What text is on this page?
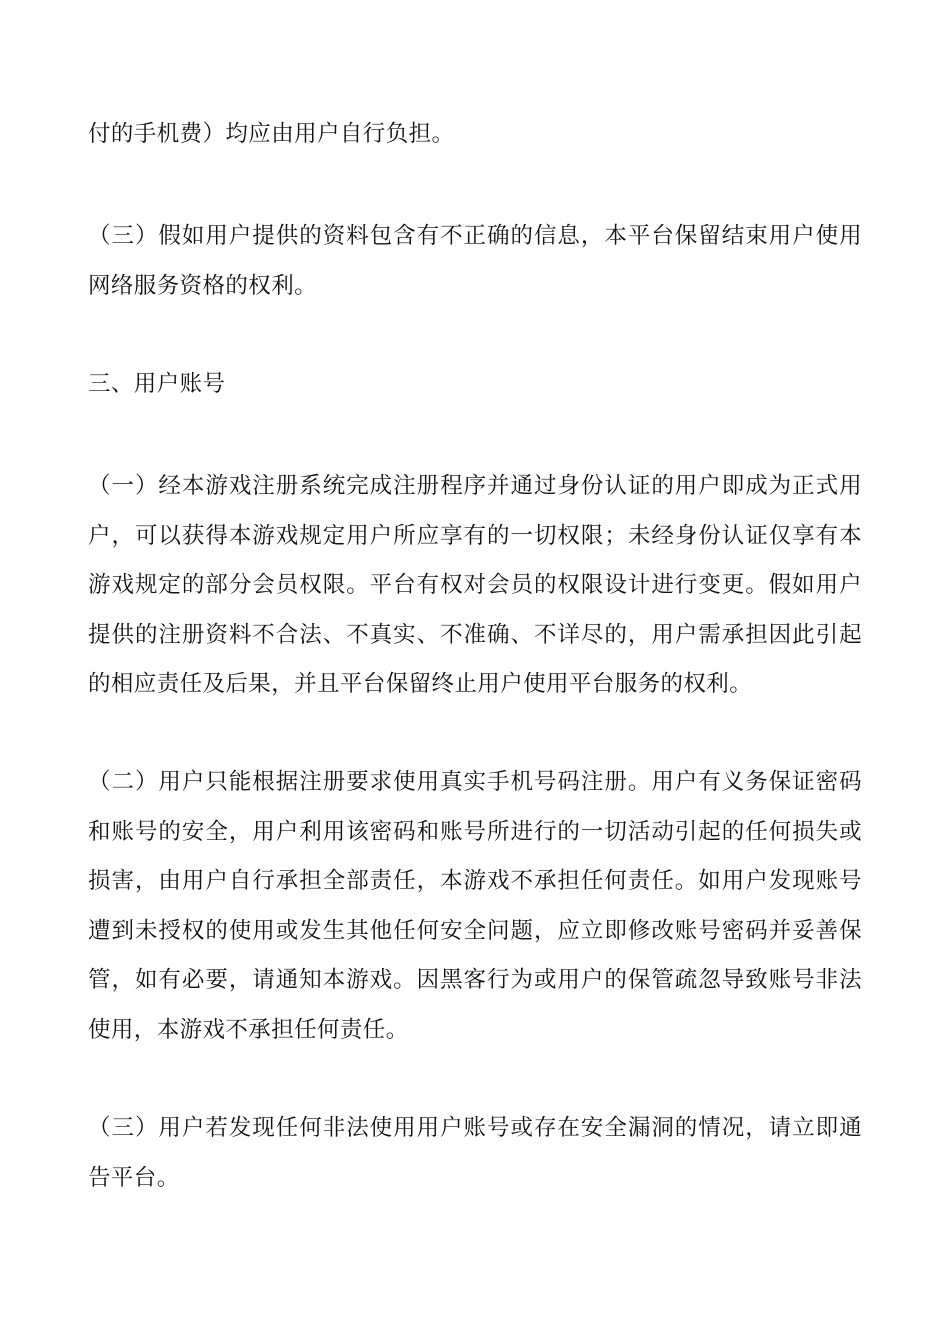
付的手机费）均应由用户自行负担。

（三）假如用户提供的资料包含有不正确的信息，本平台保留结束用户使用网络服务资格的权利。

三、用户账号

（一）经本游戏注册系统完成注册程序并通过身份认证的用户即成为正式用户，可以获得本游戏规定用户所应享有的一切权限；未经身份认证仅享有本游戏规定的部分会员权限。平台有权对会员的权限设计进行变更。假如用户提供的注册资料不合法、不真实、不准确、不详尽的，用户需承担因此引起的相应责任及后果，并且平台保留终止用户使用平台服务的权利。

（二）用户只能根据注册要求使用真实手机号码注册。用户有义务保证密码和账号的安全，用户利用该密码和账号所进行的一切活动引起的任何损失或损害，由用户自行承担全部责任，本游戏不承担任何责任。如用户发现账号遭到未授权的使用或发生其他任何安全问题，应立即修改账号密码并妥善保管，如有必要，请通知本游戏。因黑客行为或用户的保管疏忽导致账号非法使用，本游戏不承担任何责任。

（三）用户若发现任何非法使用用户账号或存在安全漏洞的情况，请立即通告平台。
